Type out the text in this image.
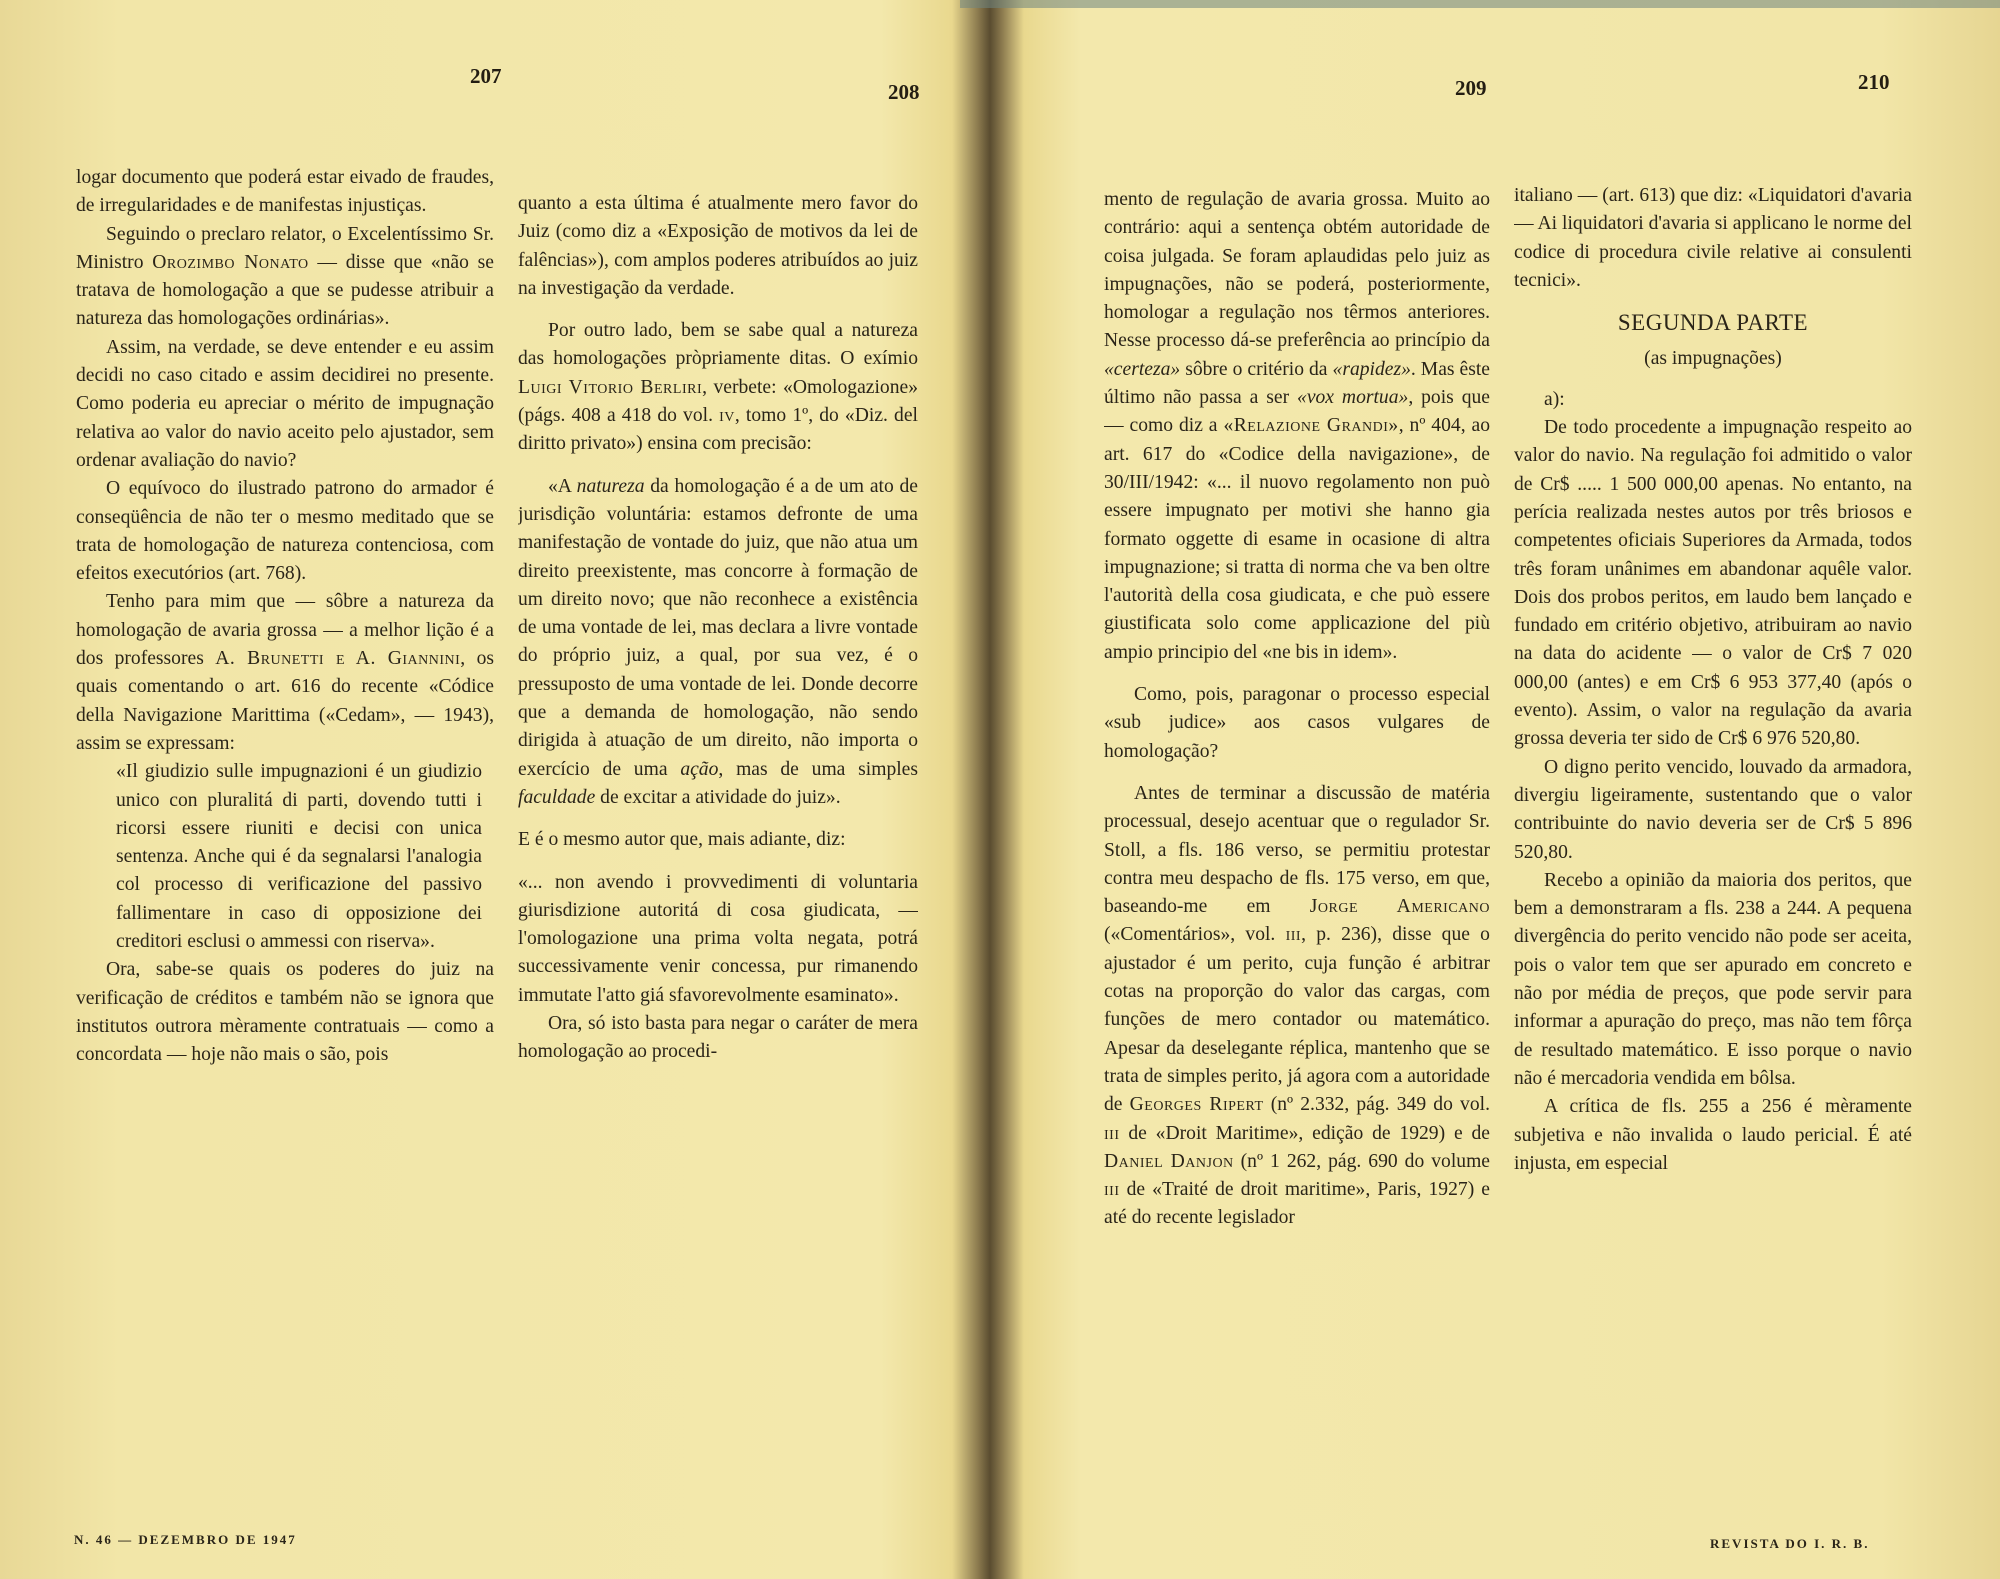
207
208	209	210

logar documento que poderá estar eivado de fraudes, de irregularidades e de manifestas injustiças.

Seguindo o preclaro relator, o Excelentíssimo Sr. Ministro Orozimbo Nonato — disse que «não se tratava de homologação a que se pudesse atribuir a natureza das homologações ordinárias».

Assim, na verdade, se deve entender e eu assim decidi no caso citado e assim decidirei no presente. Como poderia eu apreciar o mérito de impugnação relativa ao valor do navio aceito pelo ajustador, sem ordenar avaliação do navio?

O equívoco do ilustrado patrono do armador é conseqüência de não ter o mesmo meditado que se trata de homologação de natureza contenciosa, com efeitos executórios (art. 768).

Tenho para mim que — sôbre a natureza da homologação de avaria grossa — a melhor lição é a dos professores A. Brunetti e A. Giannini, os quais comentando o art. 616 do recente «Códice della Navigazione Marittima («Cedam», — 1943), assim se expressam:

«Il giudizio sulle impugnazioni é un giudizio unico con pluralitá di parti, dovendo tutti i ricorsi essere riuniti e decisi con unica sentenza. Anche qui é da segnalarsi l'analogia col processo di verificazione del passivo fallimentare in caso di opposizione dei creditori esclusi o ammessi con riserva».

Ora, sabe-se quais os poderes do juiz na verificação de créditos e também não se ignora que institutos outrora mèramente contratuais — como a concordata — hoje não mais o são, pois

quanto a esta última é atualmente mero favor do Juiz (como diz a «Exposição de motivos da lei de falências»), com amplos poderes atribuídos ao juiz na investigação da verdade.

Por outro lado, bem se sabe qual a natureza das homologações pròpriamente ditas. O exímio Luigi Vitorio Berliri, verbete: «Omologazione» (págs. 408 a 418 do vol. iv, tomo 1º, do «Diz. del diritto privato») ensina com precisão:

«A natureza da homologação é a de um ato de jurisdição voluntária: estamos defronte de uma manifestação de vontade do juiz, que não atua um direito preexistente, mas concorre à formação de um direito novo; que não reconhece a existência de uma vontade de lei, mas declara a livre vontade do próprio juiz, a qual, por sua vez, é o pressuposto de uma vontade de lei. Donde decorre que a demanda de homologação, não sendo dirigida à atuação de um direito, não importa o exercício de uma ação, mas de uma simples faculdade de excitar a atividade do juiz».

E é o mesmo autor que, mais adiante, diz:

«... non avendo i provvedimenti di voluntaria giurisdizione autoritá di cosa giudicata, — l'omologazione una prima volta negata, potrá successivamente venir concessa, pur rimanendo immutate l'atto giá sfavorevolmente esaminato».

Ora, só isto basta para negar o caráter de mera homologação ao procedi-

mento de regulação de avaria grossa. Muito ao contrário: aqui a sentença obtém autoridade de coisa julgada. Se foram aplaudidas pelo juiz as impugnações, não se poderá, posteriormente, homologar a regulação nos têrmos anteriores. Nesse processo dá-se preferência ao princípio da «certeza» sôbre o critério da «rapidez». Mas êste último não passa a ser «vox mortua», pois que — como diz a «Relazione Grandi», nº 404, ao art. 617 do «Codice della navigazione», de 30/III/1942: «... il nuovo regolamento non può essere impugnato per motivi she hanno gia formato oggette di esame in ocasione di altra impugnazione; si tratta di norma che va ben oltre l'autorità della cosa giudicata, e che può essere giustificata solo come applicazione del più ampio principio del «ne bis in idem».

Como, pois, paragonar o processo especial «sub judice» aos casos vulgares de homologação?

Antes de terminar a discussão de matéria processual, desejo acentuar que o regulador Sr. Stoll, a fls. 186 verso, se permitiu protestar contra meu despacho de fls. 175 verso, em que, baseando-me em Jorge Americano («Comentários», vol. iii, p. 236), disse que o ajustador é um perito, cuja função é arbitrar cotas na proporção do valor das cargas, com funções de mero contador ou matemático. Apesar da deselegante réplica, mantenho que se trata de simples perito, já agora com a autoridade de Georges Ripert (nº 2.332, pág. 349 do vol. iii de «Droit Maritime», edição de 1929) e de Daniel Danjon (nº 1 262, pág. 690 do volume iii de «Traité de droit maritime», Paris, 1927) e até do recente legislador

italiano — (art. 613) que diz: «Liquidatori d'avaria — Ai liquidatori d'avaria si applicano le norme del codice di procedura civile relative ai consulenti tecnici».

SEGUNDA PARTE
(as impugnações)

a):

De todo procedente a impugnação respeito ao valor do navio. Na regulação foi admitido o valor de Cr$ ..... 1 500 000,00 apenas. No entanto, na perícia realizada nestes autos por três briosos e competentes oficiais Superiores da Armada, todos três foram unânimes em abandonar aquêle valor. Dois dos probos peritos, em laudo bem lançado e fundado em critério objetivo, atribuiram ao navio na data do acidente — o valor de Cr$ 7 020 000,00 (antes) e em Cr$ 6 953 377,40 (após o evento). Assim, o valor na regulação da avaria grossa deveria ter sido de Cr$ 6 976 520,80.

O digno perito vencido, louvado da armadora, divergiu ligeiramente, sustentando que o valor contribuinte do navio deveria ser de Cr$ 5 896 520,80.

Recebo a opinião da maioria dos peritos, que bem a demonstraram a fls. 238 a 244. A pequena divergência do perito vencido não pode ser aceita, pois o valor tem que ser apurado em concreto e não por média de preços, que pode servir para informar a apuração do preço, mas não tem fôrça de resultado matemático. E isso porque o navio não é mercadoria vendida em bôlsa.

A crítica de fls. 255 a 256 é mèramente subjetiva e não invalida o laudo pericial. É até injusta, em especial

N. 46 — DEZEMBRO DE 1947	REVISTA DO I. R. B.
